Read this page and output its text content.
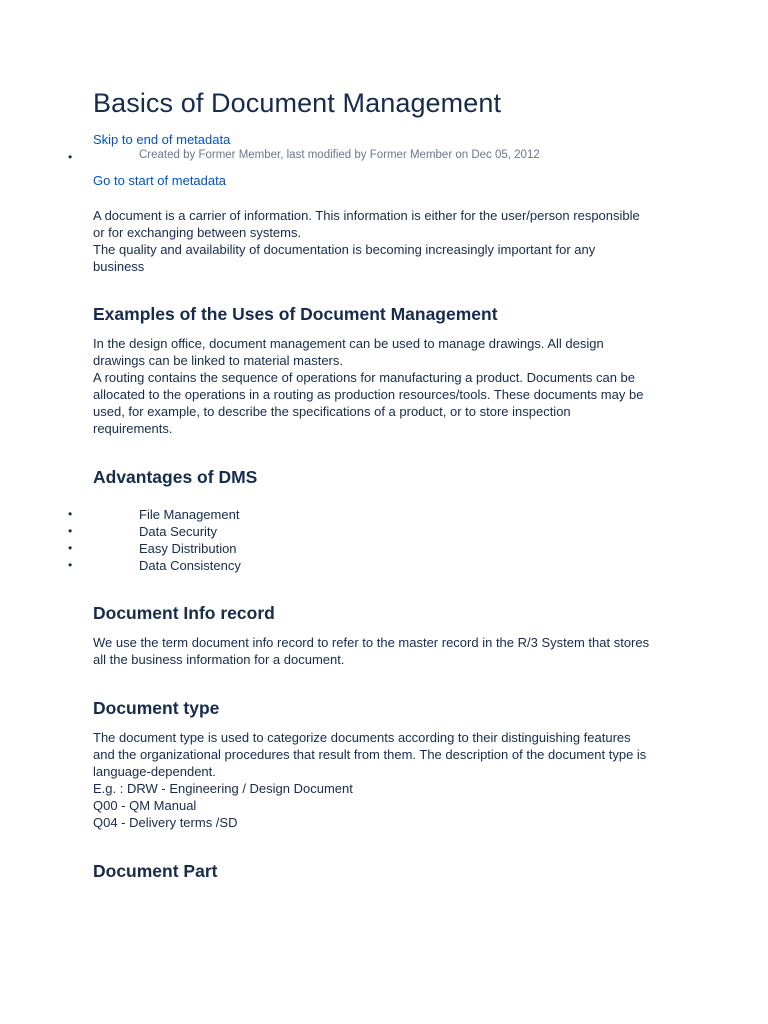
Basics of Document Management
Skip to end of metadata
•	Created by Former Member, last modified by Former Member on Dec 05, 2012
Go to start of metadata
A document is a carrier of information. This information is either for the user/person responsible
or for exchanging between systems.
The quality and availability of documentation is becoming increasingly important for any
business
Examples of the Uses of Document Management
In the design office, document management can be used to manage drawings. All design
drawings can be linked to material masters.
A routing contains the sequence of operations for manufacturing a product. Documents can be
allocated to the operations in a routing as production resources/tools. These documents may be
used, for example, to describe the specifications of a product, or to store inspection
requirements.
Advantages of DMS
•	File Management
•	Data Security
•	Easy Distribution
•	Data Consistency
Document Info record
We use the term document info record to refer to the master record in the R/3 System that stores
all the business information for a document.
Document type
The document type is used to categorize documents according to their distinguishing features
and the organizational procedures that result from them. The description of the document type is
language-dependent.
E.g. : DRW - Engineering / Design Document
Q00 - QM Manual
Q04 - Delivery terms /SD
Document Part
